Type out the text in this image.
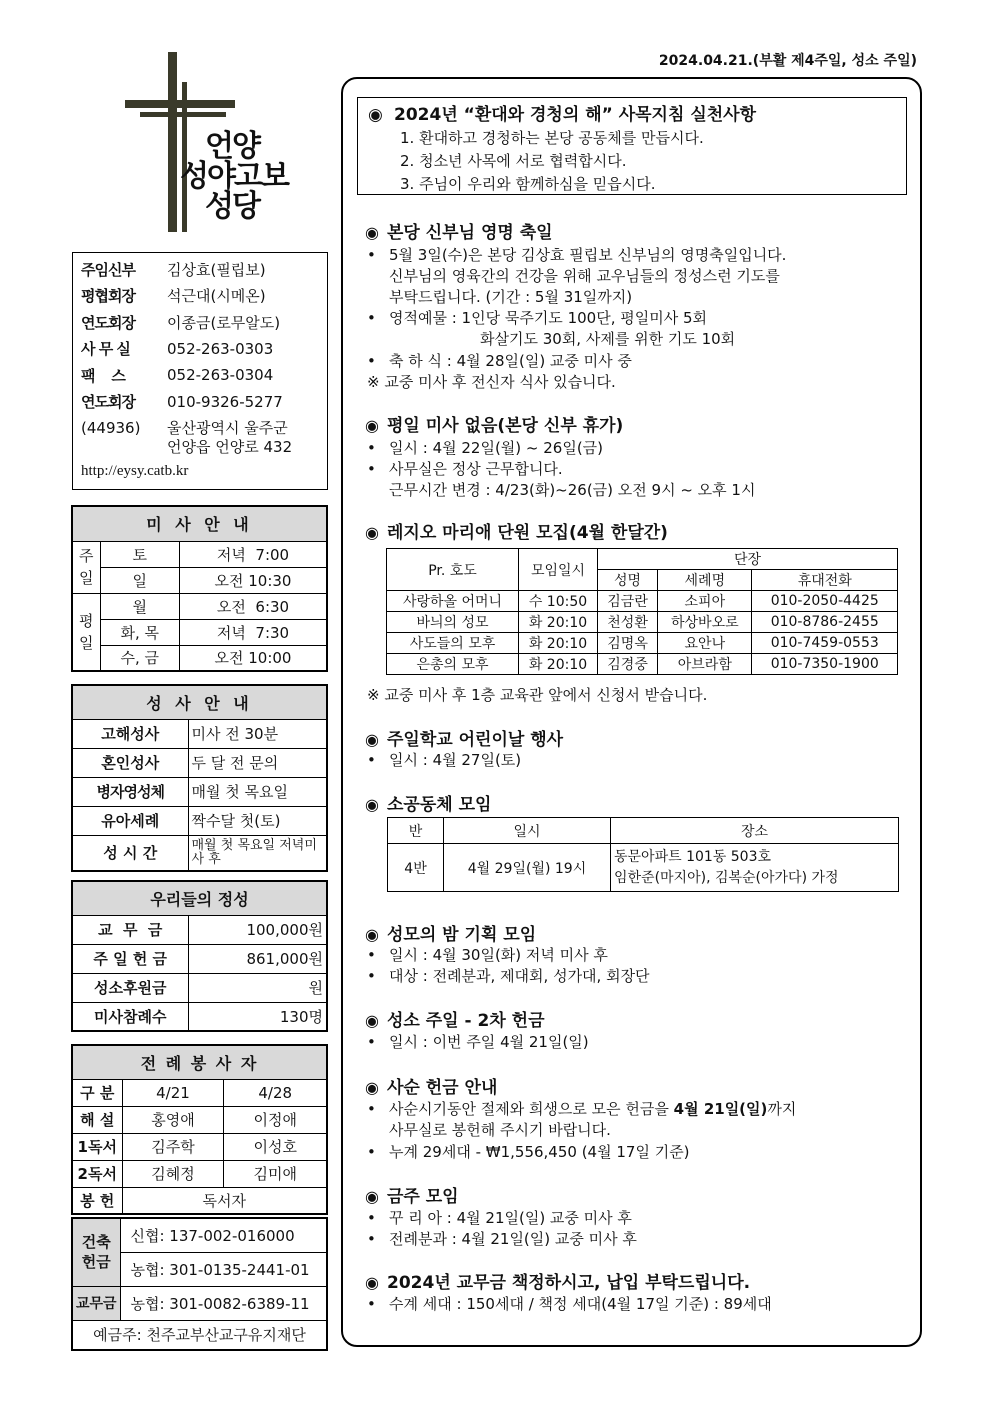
2024.04.21.(부활 제4주일, 성소 주일)
언양
성야고보
성당
주임신부	김상효(필립보)
평협회장	석근대(시메온)
연도회장	이종금(로무알도)
사 무 실	052-263-0303
팩    스	052-263-0304
연도회장	010-9326-5277
(44936)	울산광역시 울주군
언양읍 언양로 432
http://eysy.catb.kr
미 사 안 내		
주일	토	저녁  7:00
	일	오전 10:30
평일	월	오전  6:30
	화, 목	저녁  7:30
	수, 금	오전 10:00
성 사 안 내	
고해성사	미사 전 30분
혼인성사	두 달 전 문의
병자영성체	매월 첫 목요일
유아세례	짝수달 첫(토)
성 시 간	매월 첫 목요일 저녁미사 후
우리들의 정성	
교  무  금	100,000원
주 일 헌 금	861,000원
성소후원금	원
미사참례수	130명
전 례 봉 사 자		
구 분	4/21	4/28
해 설	홍영애	이정애
1독서	김주학	이성호
2독서	김혜정	김미애
봉 헌	독서자	
건축헌금	신협: 137-002-016000
	농협: 301-0135-2441-01
교무금	농협: 301-0082-6389-11
예금주: 천주교부산교구유지재단	
◉ 2024년 “환대와 경청의 해” 사목지침 실천사항
1. 환대하고 경청하는 본당 공동체를 만듭시다.
2. 청소년 사목에 서로 협력합시다.
3. 주님이 우리와 함께하심을 믿읍시다.
◉ 본당 신부님 영명 축일
• 5월 3일(수)은 본당 김상효 필립보 신부님의 영명축일입니다.
신부님의 영육간의 건강을 위해 교우님들의 정성스런 기도를
부탁드립니다. (기간 : 5월 31일까지)
• 영적예물 : 1인당 묵주기도 100단, 평일미사 5회
화살기도 30회, 사제를 위한 기도 10회
• 축 하 식 : 4월 28일(일) 교중 미사 중
※ 교중 미사 후 전신자 식사 있습니다.
◉ 평일 미사 없음(본당 신부 휴가)
• 일시 : 4월 22일(월) ~ 26일(금)
• 사무실은 정상 근무합니다.
근무시간 변경 : 4/23(화)~26(금) 오전 9시 ~ 오후 1시
◉ 레지오 마리애 단원 모집(4월 한달간)
Pr. 호도	모임일시	단장		
		성명	세례명	휴대전화
사랑하올 어머니	수 10:50	김금란	소피아	010-2050-4425
바늬의 성모	화 20:10	천성환	하상바오로	010-8786-2455
사도들의 모후	화 20:10	김명옥	요안나	010-7459-0553
은총의 모후	화 20:10	김경중	아브라함	010-7350-1900
※ 교중 미사 후 1층 교육관 앞에서 신청서 받습니다.
◉ 주일학교 어린이날 행사
• 일시 : 4월 27일(토)
◉ 소공동체 모임
반	일시	장소
4반	4월 29일(월) 19시	동문아파트 101동 503호
임한준(마지아), 김복순(아가다) 가정
◉ 성모의 밤 기획 모임
• 일시 : 4월 30일(화) 저녁 미사 후
• 대상 : 전례분과, 제대회, 성가대, 회장단
◉ 성소 주일 - 2차 헌금
• 일시 : 이번 주일 4월 21일(일)
◉ 사순 헌금 안내
• 사순시기동안 절제와 희생으로 모은 헌금을 4월 21일(일)까지
사무실로 봉헌해 주시기 바랍니다.
• 누계 29세대 - ₩1,556,450 (4월 17일 기준)
◉ 금주 모임
• 꾸 리 아 : 4월 21일(일) 교중 미사 후
• 전례분과 : 4월 21일(일) 교중 미사 후
◉ 2024년 교무금 책정하시고, 납입 부탁드립니다.
• 수계 세대 : 150세대 / 책정 세대(4월 17일 기준) : 89세대
